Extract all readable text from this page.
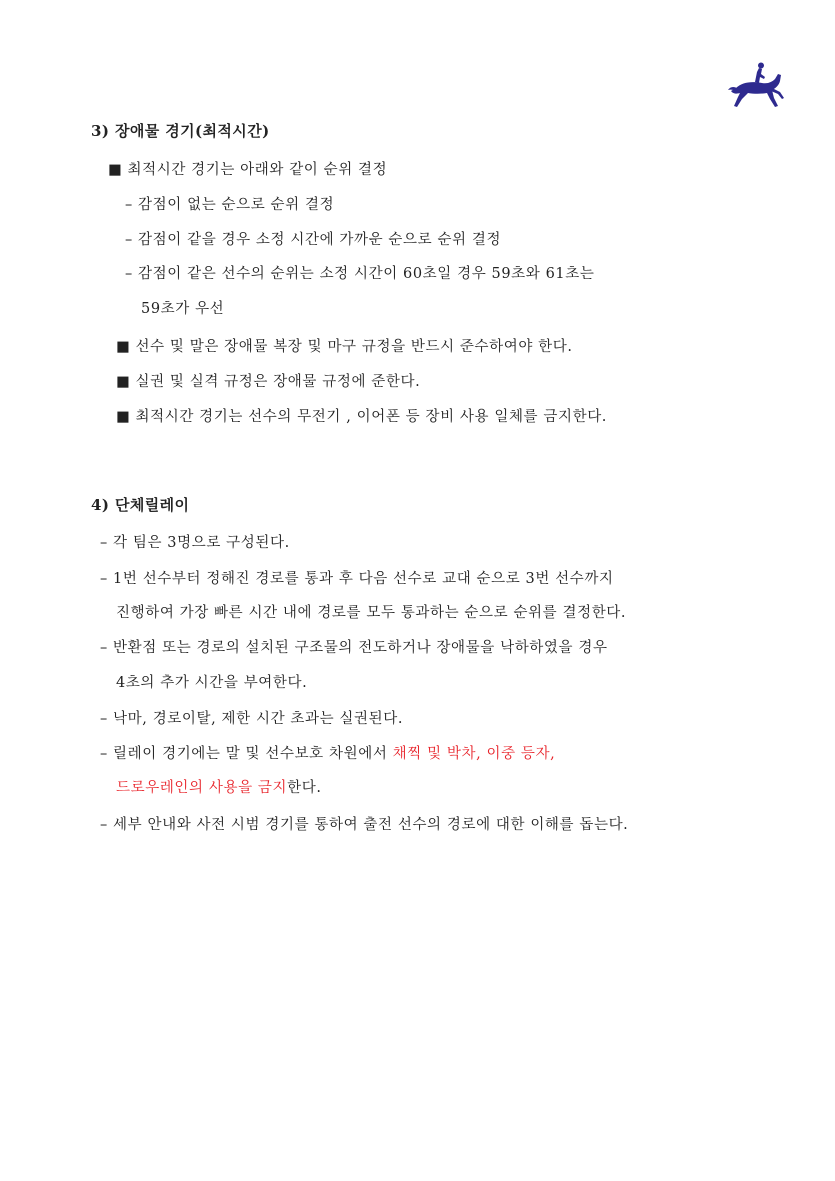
3) 장애물 경기(최적시간)
■ 최적시간 경기는 아래와 같이 순위 결정
– 감점이 없는 순으로 순위 결정
– 감점이 같을 경우 소정 시간에 가까운 순으로 순위 결정
– 감점이 같은 선수의 순위는 소정 시간이 60초일 경우 59초와 61초는
59초가 우선
■ 선수 및 말은 장애물 복장 및 마구 규정을 반드시 준수하여야 한다.
■ 실권 및 실격 규정은 장애물 규정에 준한다.
■ 최적시간 경기는 선수의 무전기 , 이어폰 등 장비 사용 일체를 금지한다.
4) 단체릴레이
– 각 팀은 3명으로 구성된다.
– 1번 선수부터 정해진 경로를 통과 후 다음 선수로 교대 순으로 3번 선수까지
진행하여 가장 빠른 시간 내에 경로를 모두 통과하는 순으로 순위를 결정한다.
– 반환점 또는 경로의 설치된 구조물의 전도하거나 장애물을 낙하하였을 경우
4초의 추가 시간을 부여한다.
– 낙마, 경로이탈, 제한 시간 초과는 실권된다.
– 릴레이 경기에는 말 및 선수보호 차원에서 채찍 및 박차, 이중 등자,
드로우레인의 사용을 금지한다.
– 세부 안내와 사전 시범 경기를 통하여 출전 선수의 경로에 대한 이해를 돕는다.
